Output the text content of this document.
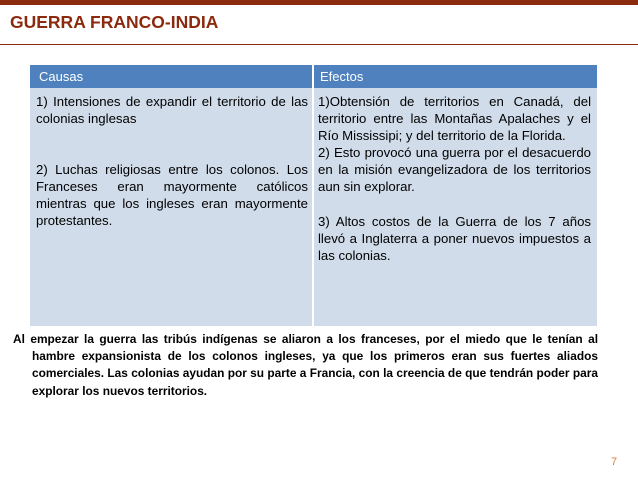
GUERRA FRANCO-INDIA
Causas	Efectos

1) Intensiones de expandir el territorio de las colonias inglesas

2) Luchas religiosas entre los colonos. Los Franceses eran mayormente católicos mientras que los ingleses eran mayormente protestantes.

1)Obtensión de territorios en Canadá, del territorio entre las Montañas Apalaches y el Río Mississipi; y del territorio de la Florida.

2) Esto provocó una guerra por el desacuerdo en la misión evangelizadora de los territorios aun sin explorar.

3) Altos costos de la Guerra de los 7 años llevó a Inglaterra a poner nuevos impuestos a las colonias.

Al empezar la guerra las tribús indígenas se aliaron a los franceses, por el miedo que le tenían al hambre expansionista de los colonos ingleses, ya que los primeros eran sus fuertes aliados comerciales. Las colonias ayudan por su parte a Francia, con la creencia de que tendrán poder para explorar los nuevos territorios.
7
